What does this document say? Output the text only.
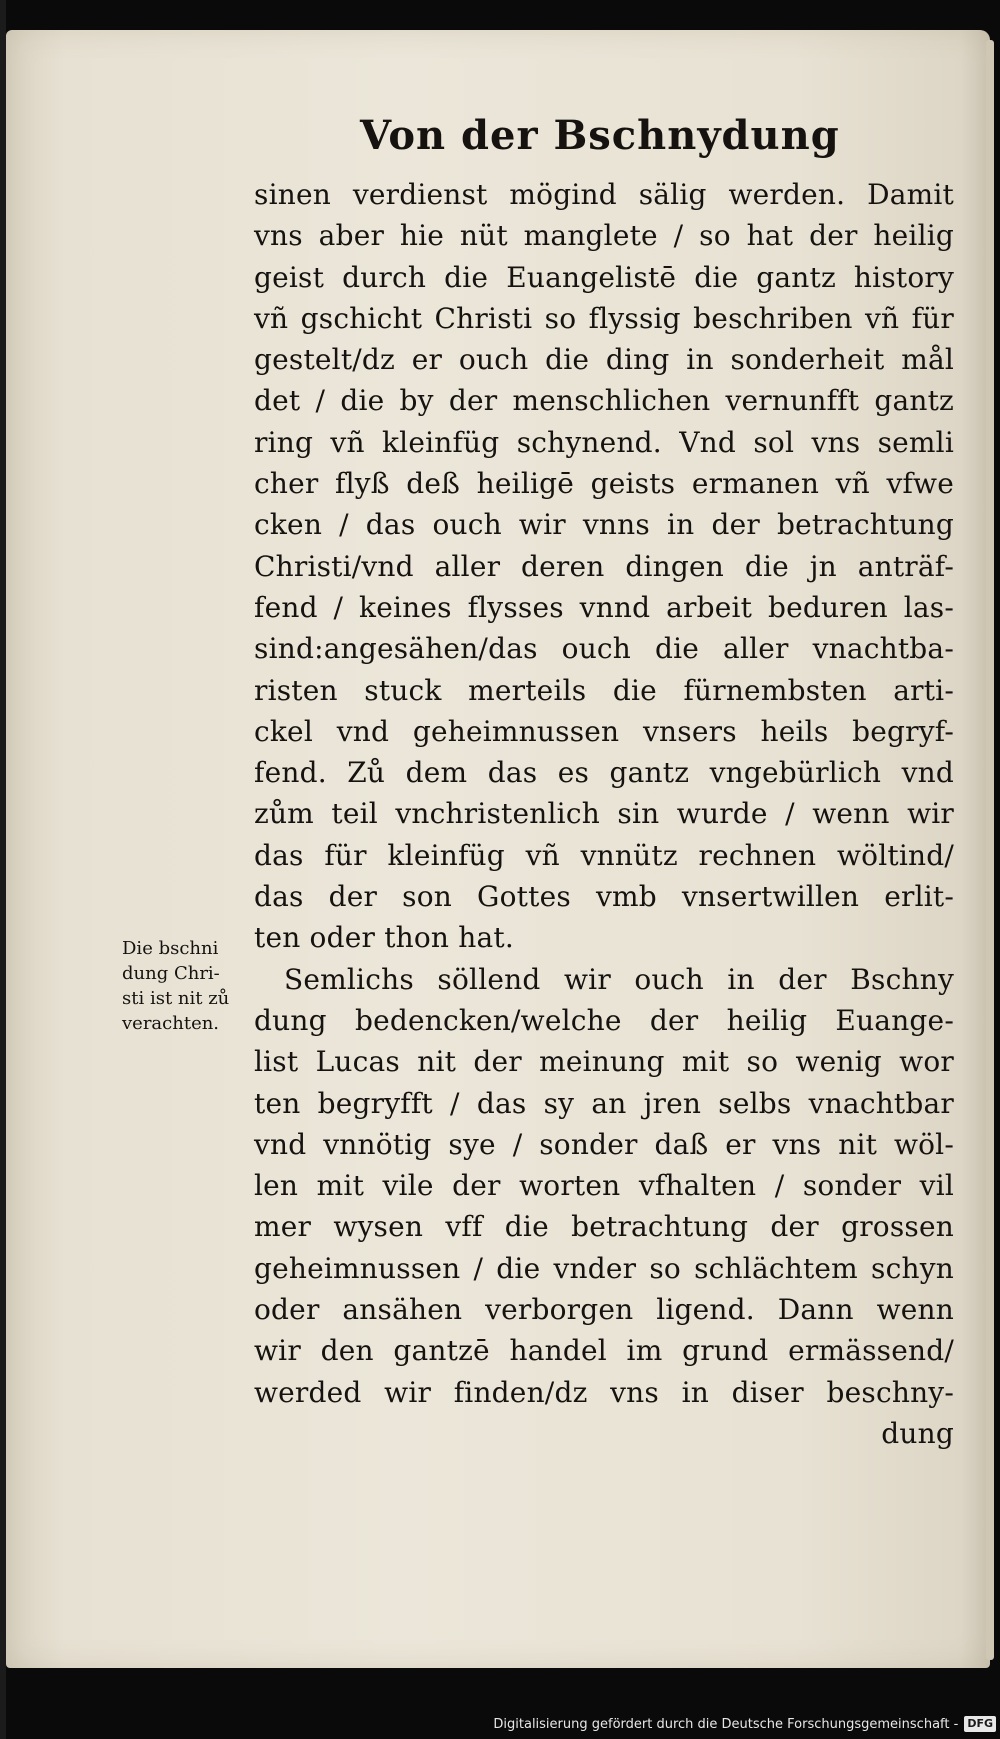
Von der Bschnydung
sinen verdienst mögind sälig werden. Damit
vns aber hie nüt manglete / so hat der heilig
geist durch die Euangelistē die gantz history
vñ gschicht Christi so flyssig beschriben vñ für
gestelt/dz er ouch die ding in sonderheit mål
det / die by der menschlichen vernunfft gantz
ring vñ kleinfüg schynend. Vnd sol vns semli
cher flyß deß heiligē geists ermanen vñ vfwe
cken / das ouch wir vnns in der betrachtung
Christi/vnd aller deren dingen die jn anträf-
fend / keines flysses vnnd arbeit beduren las-
sind:angesähen/das ouch die aller vnachtba-
risten stuck merteils die fürnembsten arti-
ckel vnd geheimnussen vnsers heils begryf-
fend. Zů dem das es gantz vngebürlich vnd
zům teil vnchristenlich sin wurde / wenn wir
das für kleinfüg vñ vnnütz rechnen wöltind/
das der son Gottes vmb vnsertwillen erlit-
ten oder thon hat.
Semlichs söllend wir ouch in der Bschny
dung bedencken/welche der heilig Euange-
list Lucas nit der meinung mit so wenig wor
ten begryfft / das sy an jren selbs vnachtbar
vnd vnnötig sye / sonder daß er vns nit wöl-
len mit vile der worten vfhalten / sonder vil
mer wysen vff die betrachtung der grossen
geheimnussen / die vnder so schlächtem schyn
oder ansähen verborgen ligend. Dann wenn
wir den gantzē handel im grund ermässend/
werded wir finden/dz vns in diser beschny-
dung
Die bschni
dung Chri-
sti ist nit zů
verachten.
Digitalisierung gefördert durch die Deutsche Forschungsgemeinschaft - DFG
